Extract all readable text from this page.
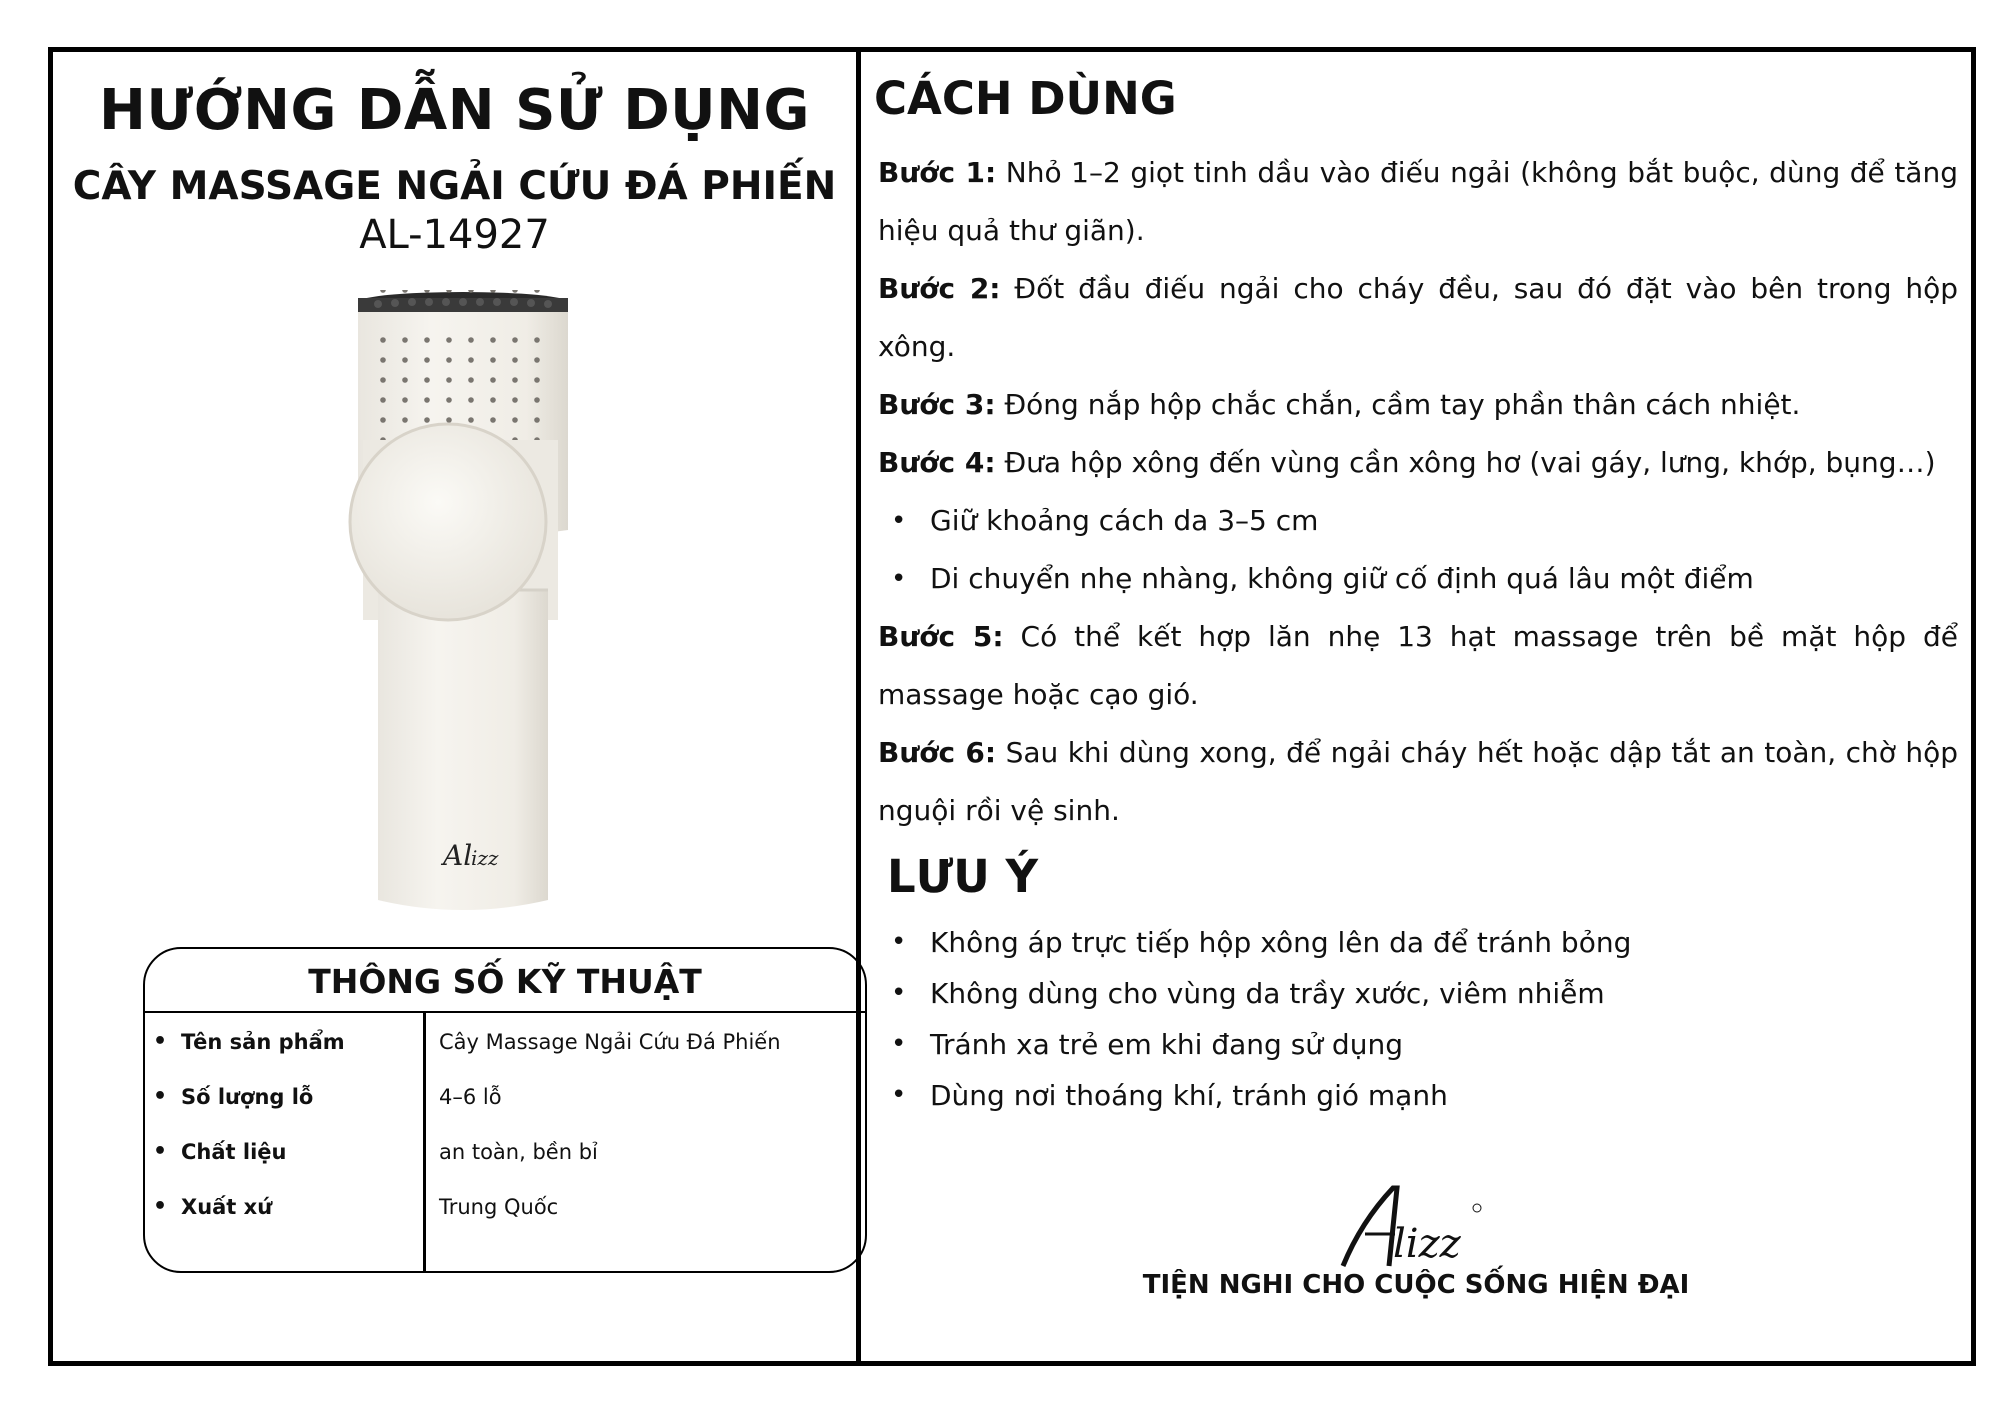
HƯỚNG DẪN SỬ DỤNG
CÂY MASSAGE NGẢI CỨU ĐÁ PHIẾN
AL-14927
Al
izz
THÔNG SỐ KỸ THUẬT
• Tên sản phẩm	Cây Massage Ngải Cứu Đá Phiến
• Số lượng lỗ	4–6 lỗ
• Chất liệu	an toàn, bền bỉ
• Xuất xứ	Trung Quốc
CÁCH DÙNG

Bước 1: Nhỏ 1–2 giọt tinh dầu vào điếu ngải (không bắt buộc, dùng để tăng hiệu quả thư giãn).

Bước 2: Đốt đầu điếu ngải cho cháy đều, sau đó đặt vào bên trong hộp xông.

Bước 3: Đóng nắp hộp chắc chắn, cầm tay phần thân cách nhiệt.

Bước 4: Đưa hộp xông đến vùng cần xông hơ (vai gáy, lưng, khớp, bụng…)

• Giữ khoảng cách da 3–5 cm

• Di chuyển nhẹ nhàng, không giữ cố định quá lâu một điểm

Bước 5: Có thể kết hợp lăn nhẹ 13 hạt massage trên bề mặt hộp để massage hoặc cạo gió.

Bước 6: Sau khi dùng xong, để ngải cháy hết hoặc dập tắt an toàn, chờ hộp nguội rồi vệ sinh.

LƯU Ý

• Không áp trực tiếp hộp xông lên da để tránh bỏng

• Không dùng cho vùng da trầy xước, viêm nhiễm

• Tránh xa trẻ em khi đang sử dụng

• Dùng nơi thoáng khí, tránh gió mạnh

lizz
TIỆN NGHI CHO CUỘC SỐNG HIỆN ĐẠI
